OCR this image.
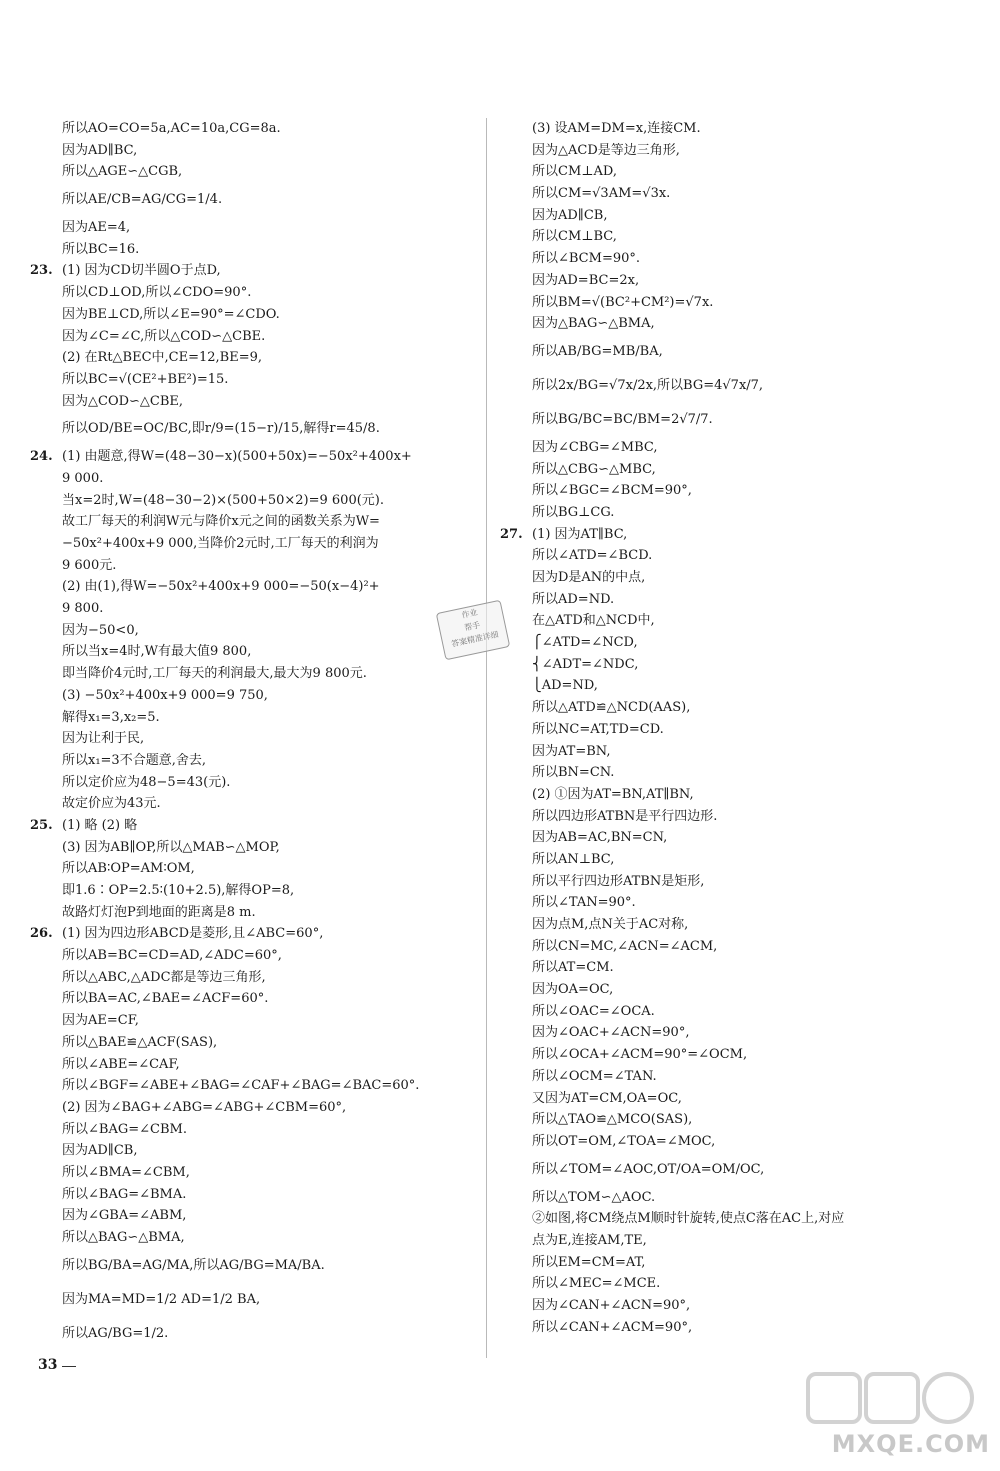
所以AO=CO=5a,AC=10a,CG=8a.
因为AD∥BC,
所以△AGE∽△CGB,
所以AE/CB=AG/CG=1/4.
因为AE=4,
所以BC=16.
23. (1) 因为CD切半圆O于点D,
所以CD⊥OD,所以∠CDO=90°.
因为BE⊥CD,所以∠E=90°=∠CDO.
因为∠C=∠C,所以△COD∽△CBE.
(2) 在Rt△BEC中,CE=12,BE=9,
所以BC=√(CE²+BE²)=15.
因为△COD∽△CBE,
所以OD/BE=OC/BC,即r/9=(15−r)/15,解得r=45/8.
24. (1) 由题意,得W=(48−30−x)(500+50x)=−50x²+400x+
9 000.
当x=2时,W=(48−30−2)×(500+50×2)=9 600(元).
故工厂每天的利润W元与降价x元之间的函数关系为W=
−50x²+400x+9 000,当降价2元时,工厂每天的利润为
9 600元.
(2) 由(1),得W=−50x²+400x+9 000=−50(x−4)²+
9 800.
因为−50<0,
所以当x=4时,W有最大值9 800,
即当降价4元时,工厂每天的利润最大,最大为9 800元.
(3) −50x²+400x+9 000=9 750,
解得x₁=3,x₂=5.
因为让利于民,
所以x₁=3不合题意,舍去,
所以定价应为48−5=43(元).
故定价应为43元.
25. (1) 略 (2) 略
(3) 因为AB∥OP,所以△MAB∽△MOP,
所以AB∶OP=AM∶OM,
即1.6∶OP=2.5∶(10+2.5),解得OP=8,
故路灯灯泡P到地面的距离是8 m.
26. (1) 因为四边形ABCD是菱形,且∠ABC=60°,
所以AB=BC=CD=AD,∠ADC=60°,
所以△ABC,△ADC都是等边三角形,
所以BA=AC,∠BAE=∠ACF=60°.
因为AE=CF,
所以△BAE≌△ACF(SAS),
所以∠ABE=∠CAF,
所以∠BGF=∠ABE+∠BAG=∠CAF+∠BAG=∠BAC=60°.
(2) 因为∠BAG+∠ABG=∠ABG+∠CBM=60°,
所以∠BAG=∠CBM.
因为AD∥CB,
所以∠BMA=∠CBM,
所以∠BAG=∠BMA.
因为∠GBA=∠ABM,
所以△BAG∽△BMA,
所以BG/BA=AG/MA,所以AG/BG=MA/BA.
因为MA=MD=1/2 AD=1/2 BA,
所以AG/BG=1/2.
(3) 设AM=DM=x,连接CM.
因为△ACD是等边三角形,
所以CM⊥AD,
所以CM=√3AM=√3x.
因为AD∥CB,
所以CM⊥BC,
所以∠BCM=90°.
因为AD=BC=2x,
所以BM=√(BC²+CM²)=√7x.
因为△BAG∽△BMA,
所以AB/BG=MB/BA,
所以2x/BG=√7x/2x,所以BG=4√7x/7,
所以BG/BC=BC/BM=2√7/7.
因为∠CBG=∠MBC,
所以△CBG∽△MBC,
所以∠BGC=∠BCM=90°,
所以BG⊥CG.
27. (1) 因为AT∥BC,
所以∠ATD=∠BCD.
因为D是AN的中点,
所以AD=ND.
在△ATD和△NCD中,
⎧∠ATD=∠NCD,
⎨∠ADT=∠NDC,
⎩AD=ND,
所以△ATD≌△NCD(AAS),
所以NC=AT,TD=CD.
因为AT=BN,
所以BN=CN.
(2) ①因为AT=BN,AT∥BN,
所以四边形ATBN是平行四边形.
因为AB=AC,BN=CN,
所以AN⊥BC,
所以平行四边形ATBN是矩形,
所以∠TAN=90°.
因为点M,点N关于AC对称,
所以CN=MC,∠ACN=∠ACM,
所以AT=CM.
因为OA=OC,
所以∠OAC=∠OCA.
因为∠OAC+∠ACN=90°,
所以∠OCA+∠ACM=90°=∠OCM,
所以∠OCM=∠TAN.
又因为AT=CM,OA=OC,
所以△TAO≌△MCO(SAS),
所以OT=OM,∠TOA=∠MOC,
所以∠TOM=∠AOC,OT/OA=OM/OC,
所以△TOM∽△AOC.
②如图,将CM绕点M顺时针旋转,使点C落在AC上,对应
点为E,连接AM,TE,
所以EM=CM=AT,
所以∠MEC=∠MCE.
因为∠CAN+∠ACN=90°,
所以∠CAN+∠ACM=90°,
作业
帮手
答案精准详细
33
MXQE.COM
